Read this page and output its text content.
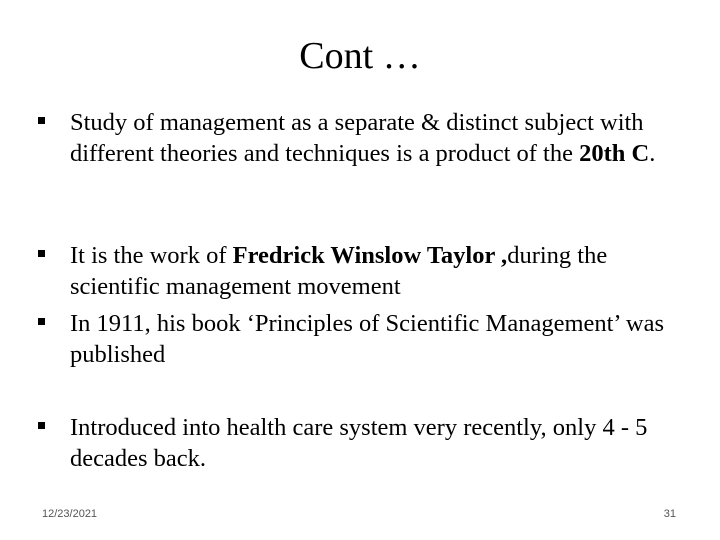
Cont …
Study of management as a separate & distinct subject with different theories and techniques is a product of the 20th C.
It is the work of Fredrick Winslow Taylor ,during the scientific management movement
In 1911, his book ‘Principles of Scientific Management’ was published
Introduced into health care system very recently, only 4 - 5 decades back.
12/23/2021	31
